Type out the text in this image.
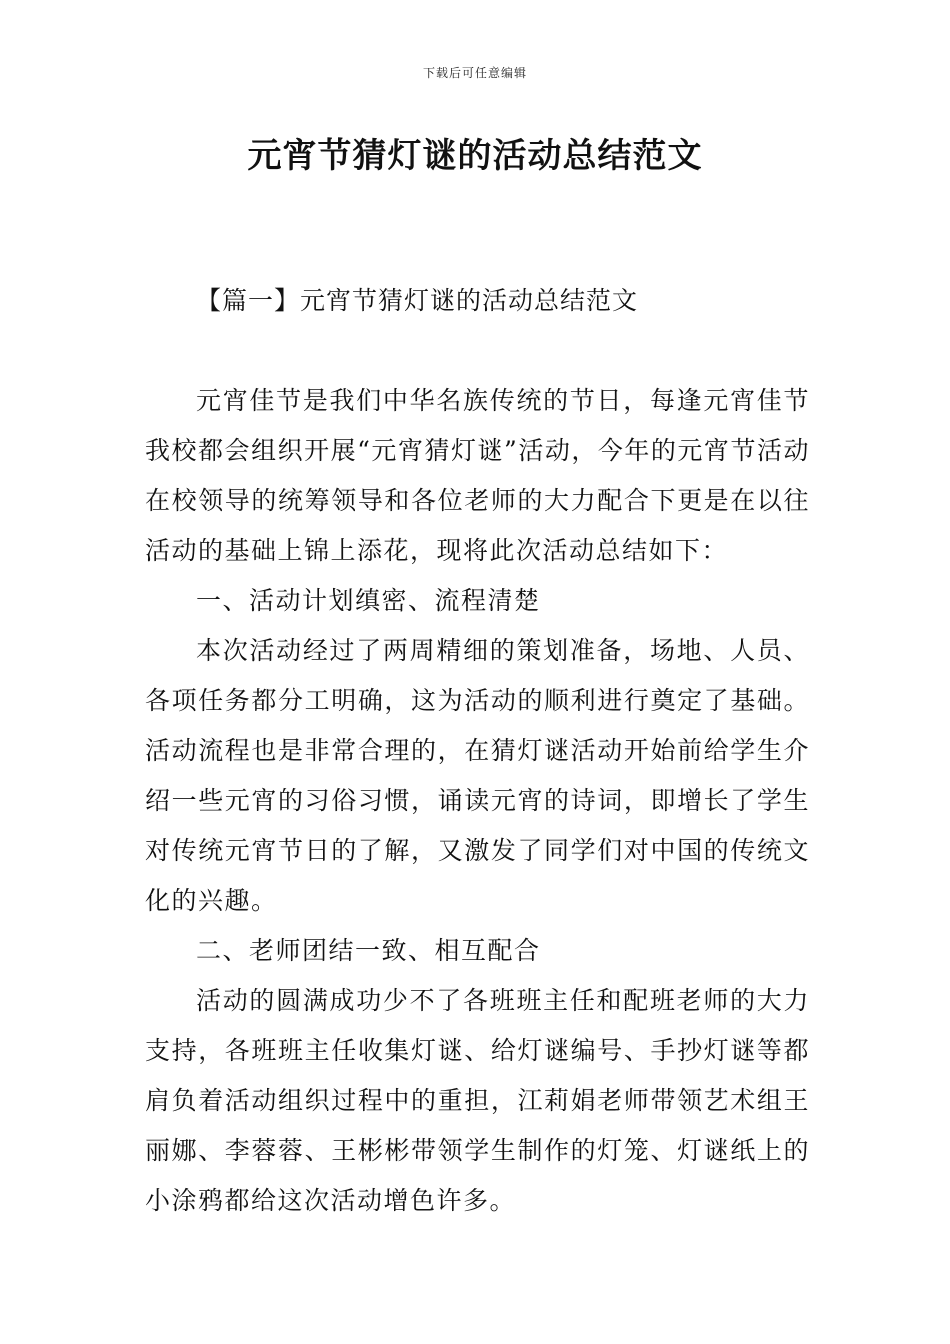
下载后可任意编辑
元宵节猜灯谜的活动总结范文
【篇一】元宵节猜灯谜的活动总结范文

元宵佳节是我们中华名族传统的节日，每逢元宵佳节我校都会组织开展“元宵猜灯谜”活动，今年的元宵节活动在校领导的统筹领导和各位老师的大力配合下更是在以往活动的基础上锦上添花，现将此次活动总结如下：

一、活动计划缜密、流程清楚

本次活动经过了两周精细的策划准备，场地、人员、各项任务都分工明确，这为活动的顺利进行奠定了基础。活动流程也是非常合理的，在猜灯谜活动开始前给学生介绍一些元宵的习俗习惯，诵读元宵的诗词，即增长了学生对传统元宵节日的了解，又激发了同学们对中国的传统文化的兴趣。

二、老师团结一致、相互配合

活动的圆满成功少不了各班班主任和配班老师的大力支持，各班班主任收集灯谜、给灯谜编号、手抄灯谜等都肩负着活动组织过程中的重担，江莉娟老师带领艺术组王丽娜、李蓉蓉、王彬彬带领学生制作的灯笼、灯谜纸上的小涂鸦都给这次活动增色许多。
